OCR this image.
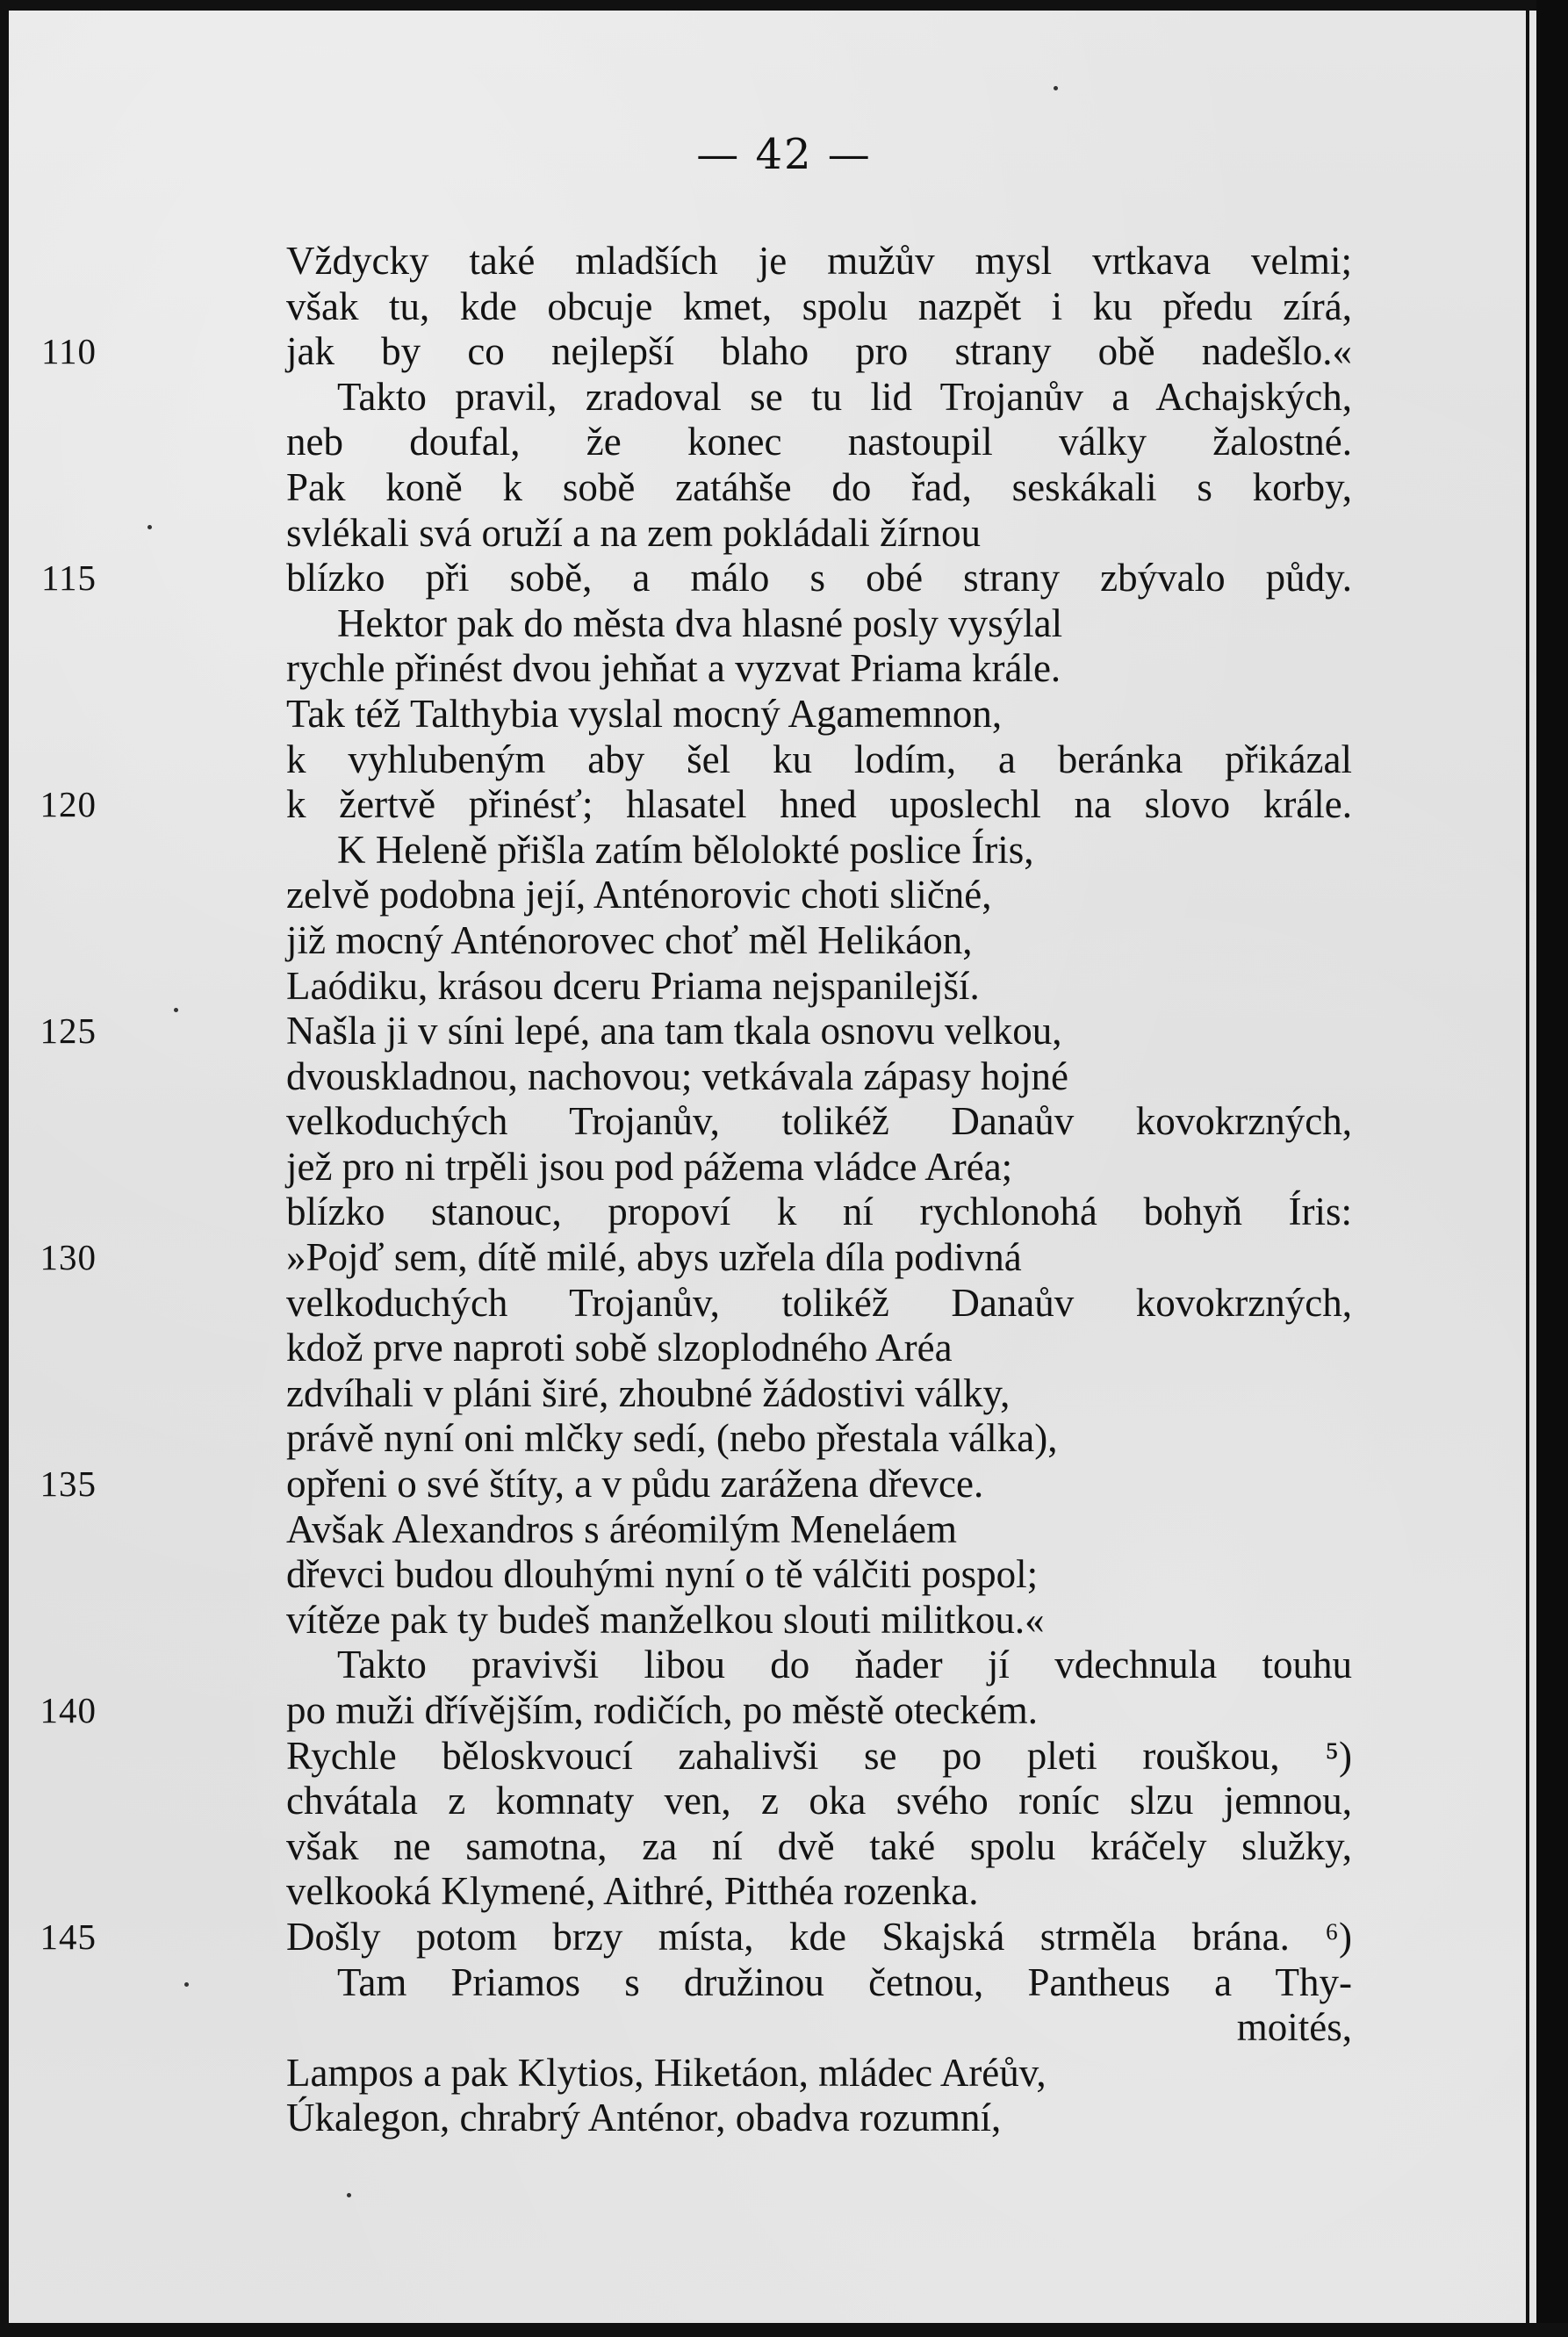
— 42 —
Vždycky také mladších je mužův mysl vrtkava velmi;
však tu, kde obcuje kmet, spolu nazpět i ku předu zírá,
110	jak by co nejlepší blaho pro strany obě nadešlo.«
Takto pravil, zradoval se tu lid Trojanův a Achajských,
neb doufal, že konec nastoupil války žalostné.
Pak koně k sobě zatáhše do řad, seskákali s korby,
svlékali svá oruží a na zem pokládali žírnou
115	blízko při sobě, a málo s obé strany zbývalo půdy.
Hektor pak do města dva hlasné posly vysýlal
rychle přinést dvou jehňat a vyzvat Priama krále.
Tak též Talthybia vyslal mocný Agamemnon,
k vyhlubeným aby šel ku lodím, a beránka přikázal
120	k žertvě přinésť; hlasatel hned uposlechl na slovo krále.
K Heleně přišla zatím bělolokté poslice Íris,
zelvě podobna její, Anténorovic choti sličné,
již mocný Anténorovec choť měl Helikáon,
Laódiku, krásou dceru Priama nejspanilejší.
125	Našla ji v síni lepé, ana tam tkala osnovu velkou,
dvouskladnou, nachovou; vetkávala zápasy hojné
velkoduchých Trojanův, tolikéž Danaův kovokrzných,
jež pro ni trpěli jsou pod pážema vládce Aréa;
blízko stanouc, propoví k ní rychlonohá bohyň Íris:
130	»Pojď sem, dítě milé, abys uzřela díla podivná
velkoduchých Trojanův, tolikéž Danaův kovokrzných,
kdož prve naproti sobě slzoplodného Aréa
zdvíhali v pláni širé, zhoubné žádostivi války,
právě nyní oni mlčky sedí, (nebo přestala válka),
135	opřeni o své štíty, a v půdu zarážena dřevce.
Avšak Alexandros s áréomilým Meneláem
dřevci budou dlouhými nyní o tě válčiti pospol;
vítěze pak ty budeš manželkou slouti militkou.«
Takto pravivši libou do ňader jí vdechnula touhu
140	po muži dřívějším, rodičích, po městě oteckém.
Rychle běloskvoucí zahalivši se po pleti rouškou, ⁵)
chvátala z komnaty ven, z oka svého roníc slzu jemnou,
však ne samotna, za ní dvě také spolu kráčely služky,
velkooká Klymené, Aithré, Pitthéa rozenka.
145	Došly potom brzy místa, kde Skajská strměla brána. ⁶)
Tam Priamos s družinou četnou, Pantheus a Thy-
moités,
Lampos a pak Klytios, Hiketáon, mládec Aréův,
Úkalegon, chrabrý Anténor, obadva rozumní,
